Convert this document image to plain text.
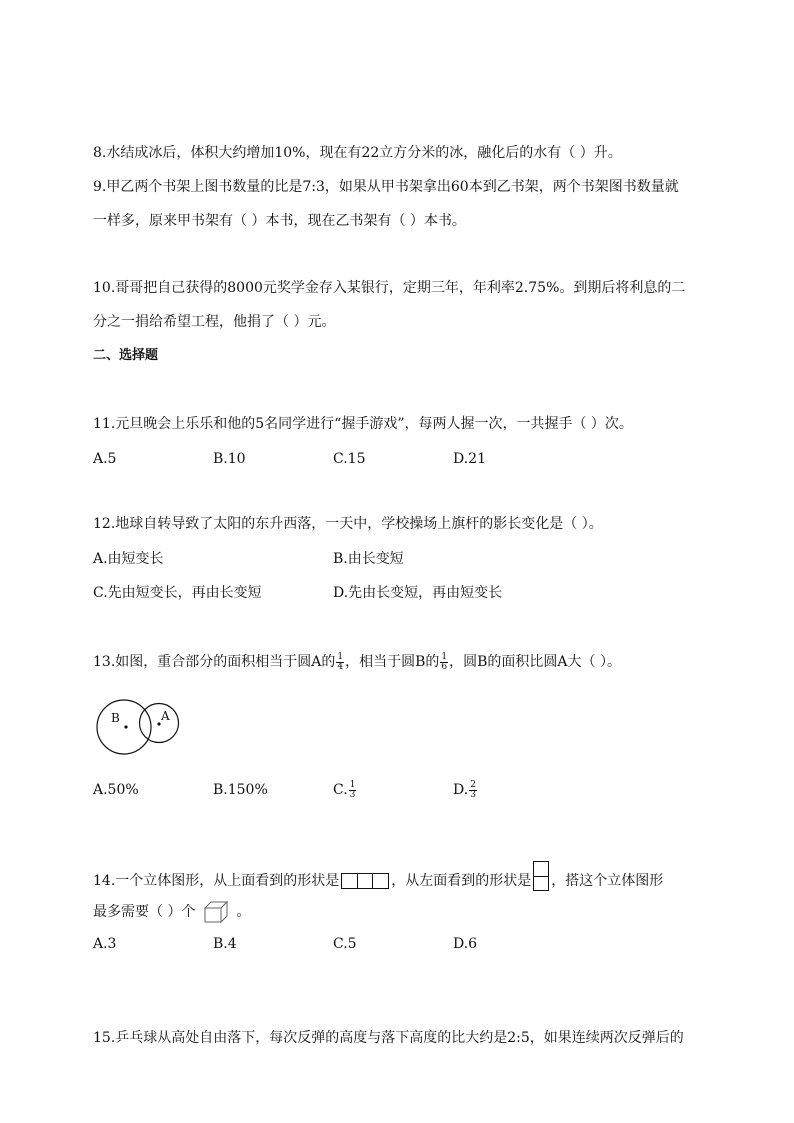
8.水结成冰后，体积大约增加10%，现在有22立方分米的冰，融化后的水有（ ）升。
9.甲乙两个书架上图书数量的比是7:3，如果从甲书架拿出60本到乙书架，两个书架图书数量就
一样多，原来甲书架有（ ）本书，现在乙书架有（ ）本书。
10.哥哥把自己获得的8000元奖学金存入某银行，定期三年，年利率2.75%。到期后将利息的二
分之一捐给希望工程，他捐了（ ）元。
二、选择题
11.元旦晚会上乐乐和他的5名同学进行“握手游戏”，每两人握一次，一共握手（ ）次。
A.5	B.10	C.15	D.21
12.地球自转导致了太阳的东升西落，一天中，学校操场上旗杆的影长变化是（ ）。
A.由短变长	B.由长变短
C.先由短变长，再由长变短	D.先由长变短，再由短变长
13.如图，重合部分的面积相当于圆A的 $\frac{1}{4}$ ，相当于圆B的 $\frac{1}{6}$ ，圆B的面积比圆A大（ ）。
B	A
A.50%	B.150%	C. $\frac{1}{3}$	D. $\frac{2}{3}$
14.一个立体图形，从上面看到的形状是	，从左面看到的形状是 ，搭这个立体图形
最多需要（ ）个	。
A.3	B.4	C.5	D.6
15.乒乓球从高处自由落下，每次反弹的高度与落下高度的比大约是2:5，如果连续两次反弹后的
